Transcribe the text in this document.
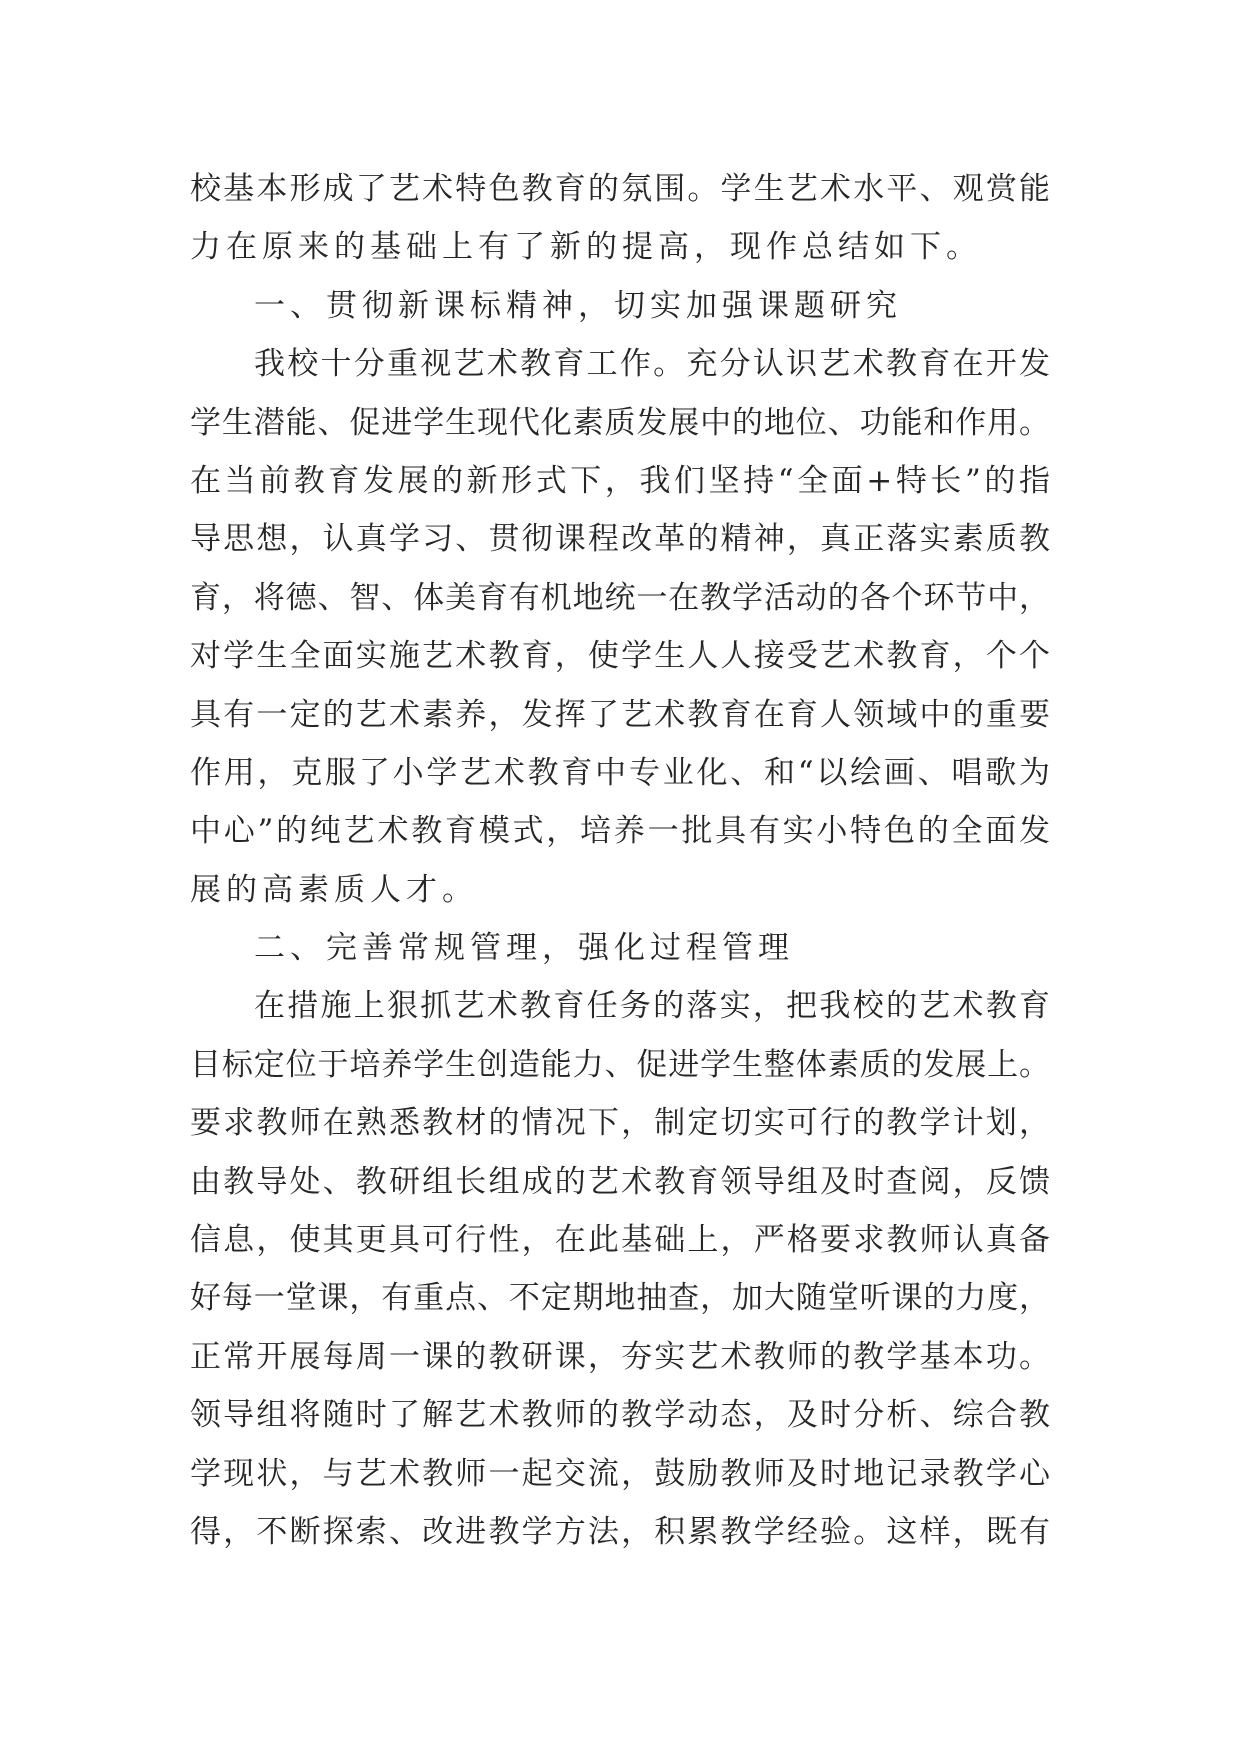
校基本形成了艺术特色教育的氛围。学生艺术水平、观赏能
力在原来的基础上有了新的提高，现作总结如下。
一、贯彻新课标精神，切实加强课题研究
我校十分重视艺术教育工作。充分认识艺术教育在开发
学生潜能、促进学生现代化素质发展中的地位、功能和作用。
在当前教育发展的新形式下，我们坚持“全面+特长”的指
导思想，认真学习、贯彻课程改革的精神，真正落实素质教
育，将德、智、体美育有机地统一在教学活动的各个环节中，
对学生全面实施艺术教育，使学生人人接受艺术教育，个个
具有一定的艺术素养，发挥了艺术教育在育人领域中的重要
作用，克服了小学艺术教育中专业化、和“以绘画、唱歌为
中心”的纯艺术教育模式，培养一批具有实小特色的全面发
展的高素质人才。
二、完善常规管理，强化过程管理
在措施上狠抓艺术教育任务的落实，把我校的艺术教育
目标定位于培养学生创造能力、促进学生整体素质的发展上。
要求教师在熟悉教材的情况下，制定切实可行的教学计划，
由教导处、教研组长组成的艺术教育领导组及时查阅，反馈
信息，使其更具可行性，在此基础上，严格要求教师认真备
好每一堂课，有重点、不定期地抽查，加大随堂听课的力度，
正常开展每周一课的教研课，夯实艺术教师的教学基本功。
领导组将随时了解艺术教师的教学动态，及时分析、综合教
学现状，与艺术教师一起交流，鼓励教师及时地记录教学心
得，不断探索、改进教学方法，积累教学经验。这样，既有
